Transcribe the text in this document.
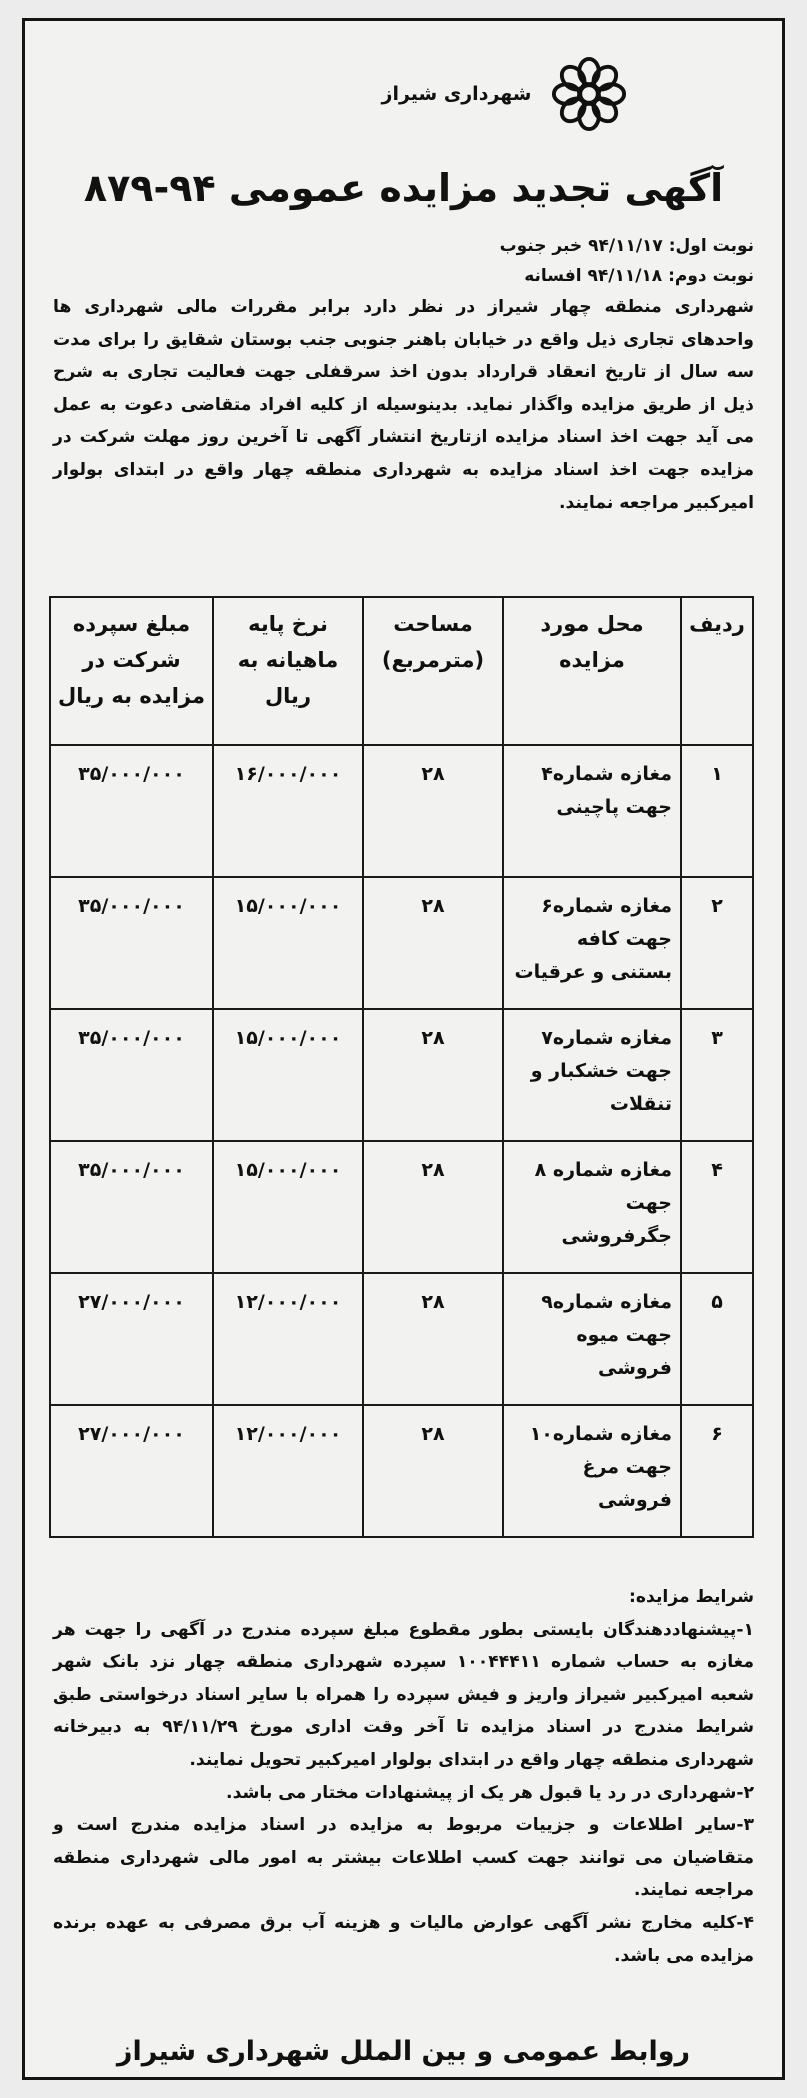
شهرداری شیراز
آگهی تجدید مزایده عمومی ۹۴-۸۷۹
نوبت اول: ۹۴/۱۱/۱۷ خبر جنوب
نوبت دوم: ۹۴/۱۱/۱۸ افسانه
شهرداری منطقه چهار شیراز در نظر دارد برابر مقررات مالی شهرداری ها واحدهای تجاری ذیل واقع در خیابان باهنر جنوبی جنب بوستان شقایق را برای مدت سه سال از تاریخ انعقاد قرارداد بدون اخذ سرقفلی جهت فعالیت تجاری به شرح ذیل از طریق مزایده واگذار نماید. بدینوسیله از کلیه افراد متقاضی دعوت به عمل می آید جهت اخذ اسناد مزایده ازتاریخ انتشار آگهی تا آخرین روز مهلت شرکت در مزایده جهت اخذ اسناد مزایده به شهرداری منطقه چهار واقع در ابتدای بولوار امیرکبیر مراجعه نمایند.
ردیف	محل مورد مزایده	مساحت (مترمربع)	نرخ پایه ماهیانه به ریال	مبلغ سپرده شرکت در مزایده به ریال
۱	مغازه شماره۴ جهت پاچینی	۲۸	۱۶/۰۰۰/۰۰۰	۳۵/۰۰۰/۰۰۰
۲	مغازه شماره۶ جهت کافه بستنی و عرقیات	۲۸	۱۵/۰۰۰/۰۰۰	۳۵/۰۰۰/۰۰۰
۳	مغازه شماره۷ جهت خشکبار و تنقلات	۲۸	۱۵/۰۰۰/۰۰۰	۳۵/۰۰۰/۰۰۰
۴	مغازه شماره ۸ جهت جگرفروشی	۲۸	۱۵/۰۰۰/۰۰۰	۳۵/۰۰۰/۰۰۰
۵	مغازه شماره۹ جهت میوه فروشی	۲۸	۱۲/۰۰۰/۰۰۰	۲۷/۰۰۰/۰۰۰
۶	مغازه شماره۱۰ جهت مرغ فروشی	۲۸	۱۲/۰۰۰/۰۰۰	۲۷/۰۰۰/۰۰۰

شرایط مزایده:

۱-پیشنهاددهندگان بایستی بطور مقطوع مبلغ سپرده مندرج در آگهی را جهت هر مغازه به حساب شماره ۱۰۰۴۴۴۱۱ سپرده شهرداری منطقه چهار نزد بانک شهر شعبه امیرکبیر شیراز واریز و فیش سپرده را همراه با سایر اسناد درخواستی طبق شرایط مندرج در اسناد مزایده تا آخر وقت اداری مورخ ۹۴/۱۱/۲۹ به دبیرخانه شهرداری منطقه چهار واقع در ابتدای بولوار امیرکبیر تحویل نمایند.

۲-شهرداری در رد یا قبول هر یک از پیشنهادات مختار می باشد.

۳-سایر اطلاعات و جزییات مربوط به مزایده در اسناد مزایده مندرج است و متقاضیان می توانند جهت کسب اطلاعات بیشتر به امور مالی شهرداری منطقه مراجعه نمایند.

۴-کلیه مخارج نشر آگهی عوارض مالیات و هزینه آب برق مصرفی به عهده برنده مزایده می باشد.

روابط عمومی و بین الملل شهرداری شیراز
